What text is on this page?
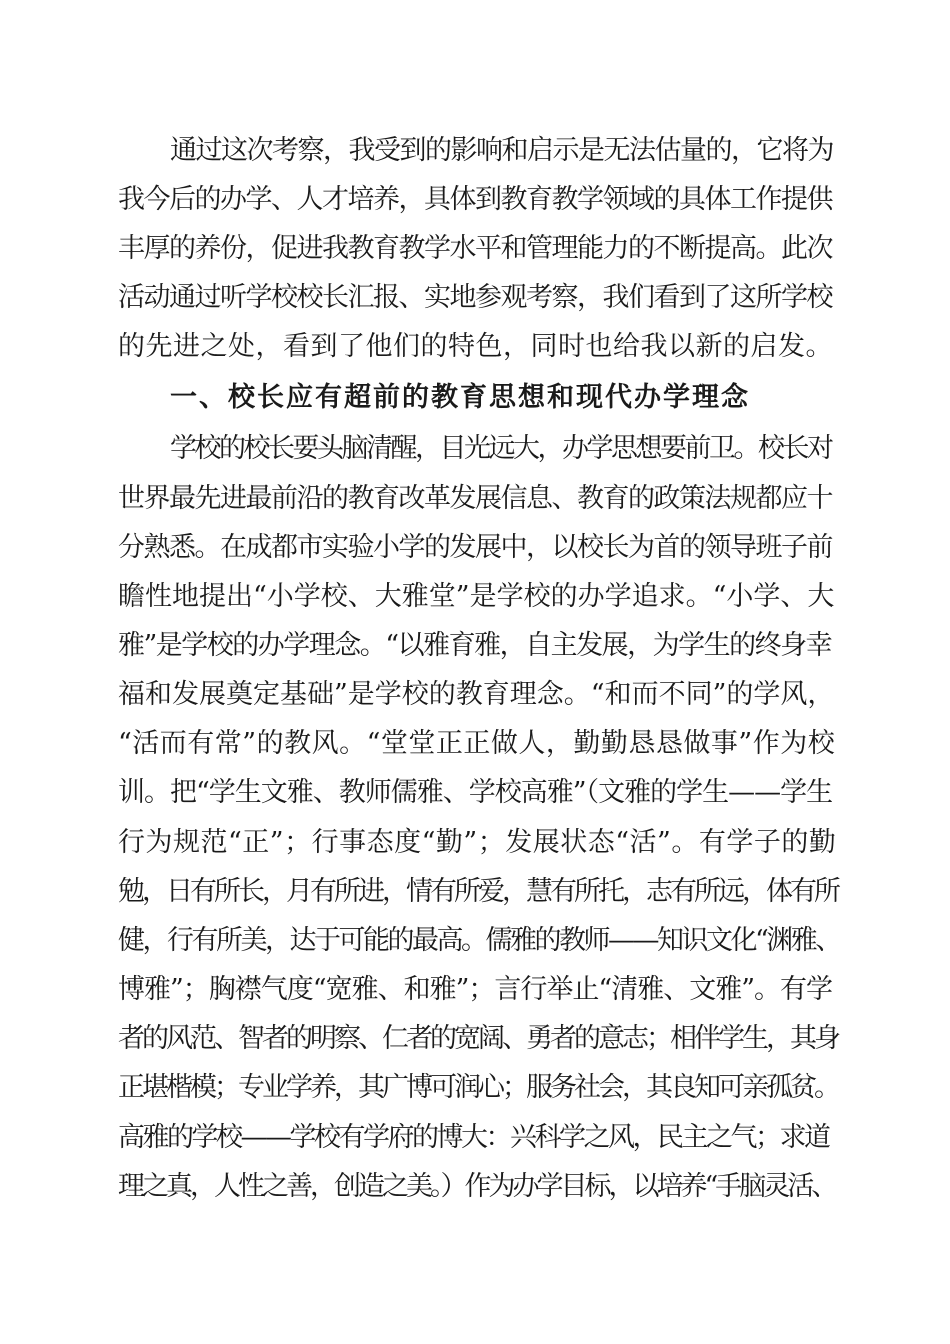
通过这次考察，我受到的影响和启示是无法估量的，它将为
我今后的办学、人才培养，具体到教育教学领域的具体工作提供
丰厚的养份，促进我教育教学水平和管理能力的不断提高。此次
活动通过听学校校长汇报、实地参观考察，我们看到了这所学校
的先进之处，看到了他们的特色，同时也给我以新的启发。
一、校长应有超前的教育思想和现代办学理念
学校的校长要头脑清醒，目光远大，办学思想要前卫。校长对
世界最先进最前沿的教育改革发展信息、教育的政策法规都应十
分熟悉。在成都市实验小学的发展中，以校长为首的领导班子前
瞻性地提出“小学校、大雅堂”是学校的办学追求。“小学、大
雅”是学校的办学理念。“以雅育雅，自主发展，为学生的终身幸
福和发展奠定基础”是学校的教育理念。“和而不同”的学风，
“活而有常”的教风。“堂堂正正做人，勤勤恳恳做事”作为校
训。把“学生文雅、教师儒雅、学校高雅”（文雅的学生——学生
行为规范“正”；行事态度“勤”；发展状态“活”。有学子的勤
勉，日有所长，月有所进，情有所爱，慧有所托，志有所远，体有所
健，行有所美，达于可能的最高。儒雅的教师——知识文化“渊雅、
博雅”；胸襟气度“宽雅、和雅”；言行举止“清雅、文雅”。有学
者的风范、智者的明察、仁者的宽阔、勇者的意志；相伴学生，其身
正堪楷模；专业学养，其广博可润心；服务社会，其良知可亲孤贫。
高雅的学校——学校有学府的博大：兴科学之风，民主之气；求道
理之真，人性之善，创造之美。）作为办学目标，以培养“手脑灵活、
